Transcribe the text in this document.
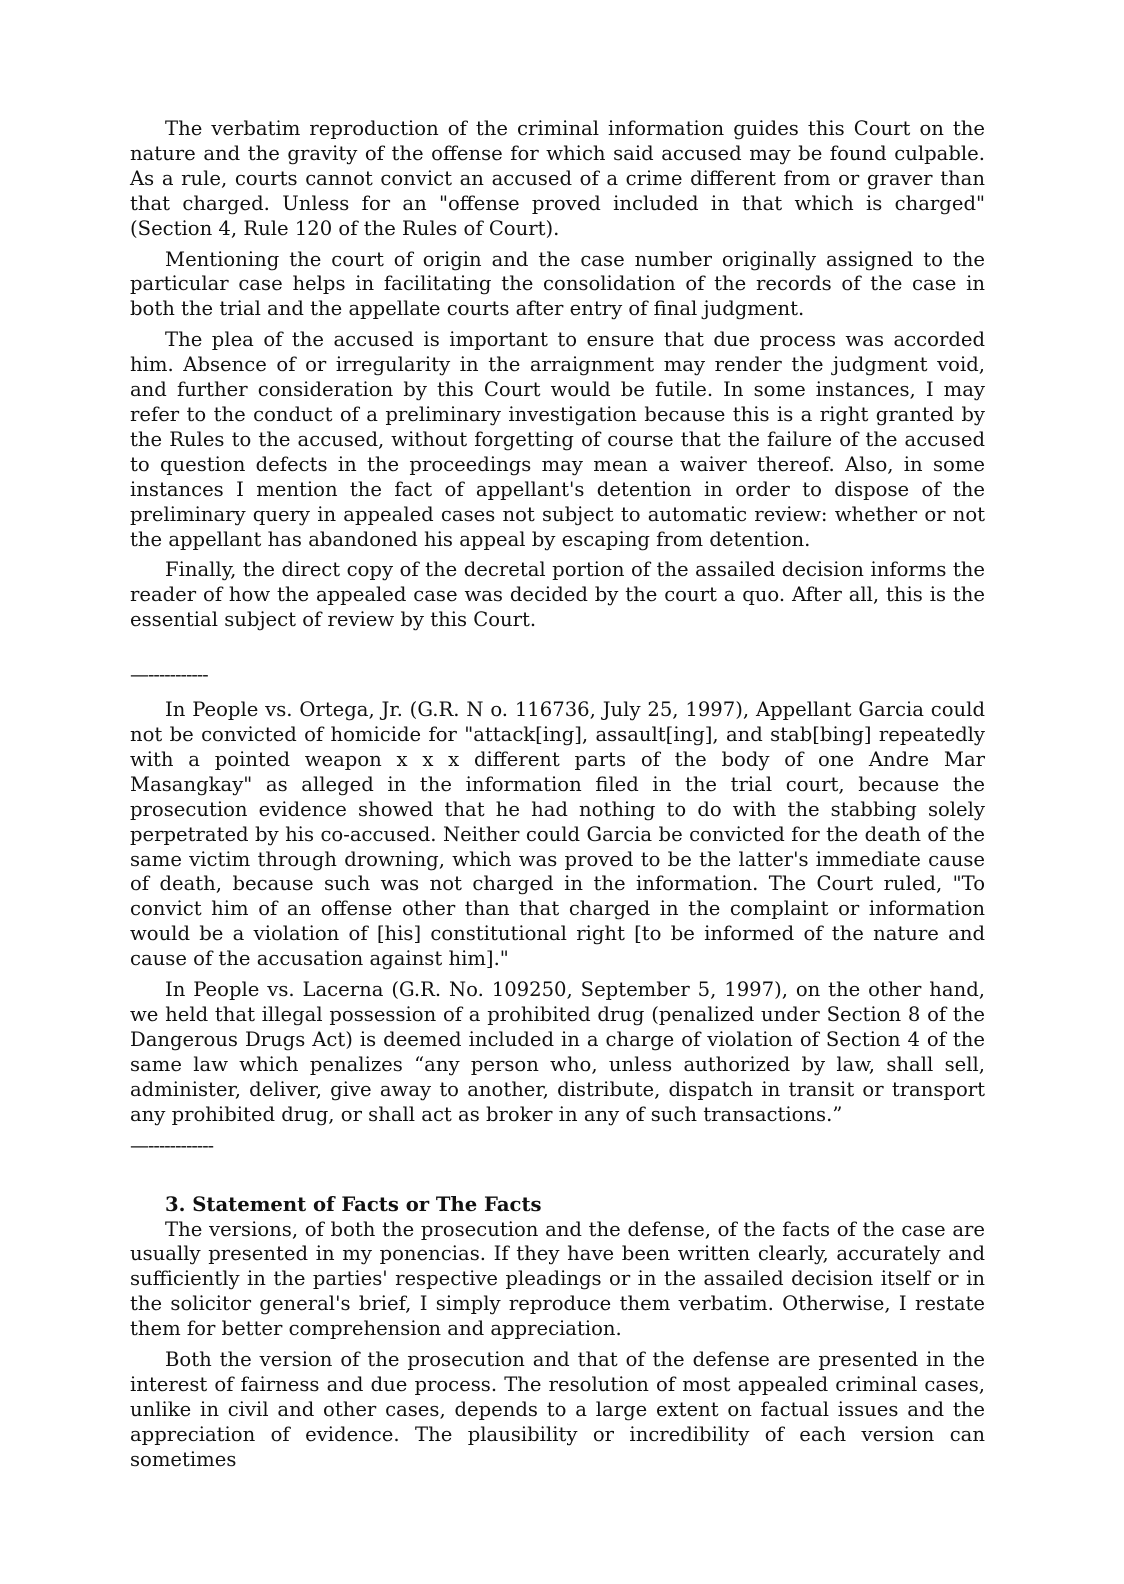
The verbatim reproduction of the criminal information guides this Court on the nature and the gravity of the offense for which said accused may be found culpable. As a rule, courts cannot convict an accused of a crime different from or graver than that charged. Unless for an "offense proved included in that which is charged" (Section 4, Rule 120 of the Rules of Court).

Mentioning the court of origin and the case number originally assigned to the particular case helps in facilitating the consolidation of the records of the case in both the trial and the appellate courts after entry of final judgment.

The plea of the accused is important to ensure that due process was accorded him. Absence of or irregularity in the arraignment may render the judgment void, and further consideration by this Court would be futile. In some instances, I may refer to the conduct of a preliminary investigation because this is a right granted by the Rules to the accused, without forgetting of course that the failure of the accused to question defects in the proceedings may mean a waiver thereof. Also, in some instances I mention the fact of appellant's detention in order to dispose of the preliminary query in appealed cases not subject to automatic review: whether or not the appellant has abandoned his appeal by escaping from detention.

Finally, the direct copy of the decretal portion of the assailed decision informs the reader of how the appealed case was decided by the court a quo. After all, this is the essential subject of review by this Court.

—-----------

In People vs. Ortega, Jr. (G.R. N o. 116736, July 25, 1997), Appellant Garcia could not be convicted of homicide for "attack[ing], assault[ing], and stab[bing] repeatedly with a pointed weapon x x x different parts of the body of one Andre Mar Masangkay" as alleged in the information filed in the trial court, because the prosecution evidence showed that he had nothing to do with the stabbing solely perpetrated by his co-accused. Neither could Garcia be convicted for the death of the same victim through drowning, which was proved to be the latter's immediate cause of death, because such was not charged in the information. The Court ruled, "To convict him of an offense other than that charged in the complaint or information would be a violation of [his] constitutional right [to be informed of the nature and cause of the accusation against him]."

In People vs. Lacerna (G.R. No. 109250, September 5, 1997), on the other hand, we held that illegal possession of a prohibited drug (penalized under Section 8 of the Dangerous Drugs Act) is deemed included in a charge of violation of Section 4 of the same law which penalizes “any person who, unless authorized by law, shall sell, administer, deliver, give away to another, distribute, dispatch in transit or transport any prohibited drug, or shall act as broker in any of such transactions.”

—------------
3. Statement of Facts or The Facts

The versions, of both the prosecution and the defense, of the facts of the case are usually presented in my ponencias. If they have been written clearly, accurately and sufficiently in the parties' respective pleadings or in the assailed decision itself or in the solicitor general's brief, I simply reproduce them verbatim. Otherwise, I restate them for better comprehension and appreciation.

Both the version of the prosecution and that of the defense are presented in the interest of fairness and due process. The resolution of most appealed criminal cases, unlike in civil and other cases, depends to a large extent on factual issues and the appreciation of evidence. The plausibility or incredibility of each version can sometimes
